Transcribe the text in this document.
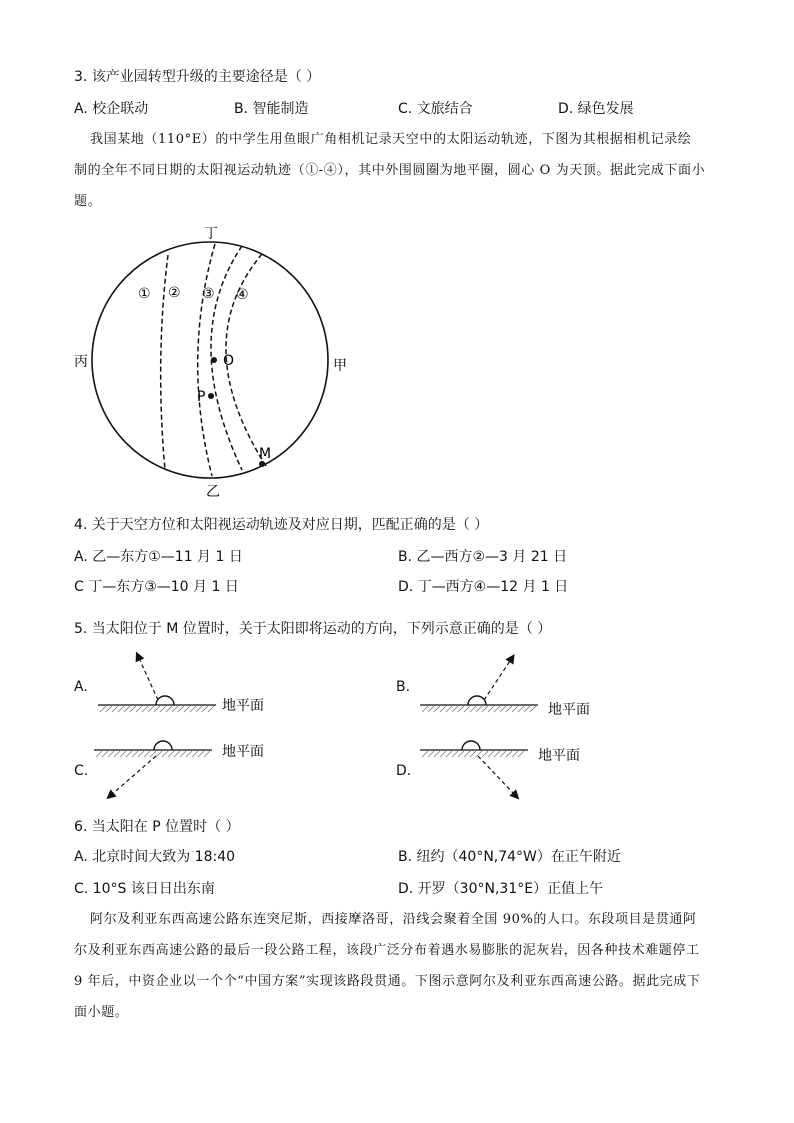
3. 该产业园转型升级的主要途径是（ ）
A. 校企联动	B. 智能制造	C. 文旅结合	D. 绿色发展
我国某地（110°E）的中学生用鱼眼广角相机记录天空中的太阳运动轨迹，下图为其根据相机记录绘
制的全年不同日期的太阳视运动轨迹（①-④），其中外围圆圈为地平圈，圆心 O 为天顶。据此完成下面小
题。
丁
乙
丙	甲
O
P
M
① ② ③ ④
4. 关于天空方位和太阳视运动轨迹及对应日期，匹配正确的是（ ）
A. 乙—东方①—11 月 1 日	B. 乙—西方②—3 月 21 日
C 丁—东方③—10 月 1 日	D. 丁—西方④—12 月 1 日
5. 当太阳位于 M 位置时，关于太阳即将运动的方向，下列示意正确的是（ ）
A.
地平面
B.
地平面
C.
地平面
D.
地平面
6. 当太阳在 P 位置时（ ）
A. 北京时间大致为 18:40	B. 纽约（40°N,74°W）在正午附近
C. 10°S 该日日出东南	D. 开罗（30°N,31°E）正值上午
阿尔及利亚东西高速公路东连突尼斯，西接摩洛哥，沿线会聚着全国 90%的人口。东段项目是贯通阿
尔及利亚东西高速公路的最后一段公路工程，该段广泛分布着遇水易膨胀的泥灰岩，因各种技术难题停工
9 年后，中资企业以一个个“中国方案”实现该路段贯通。下图示意阿尔及利亚东西高速公路。据此完成下
面小题。
